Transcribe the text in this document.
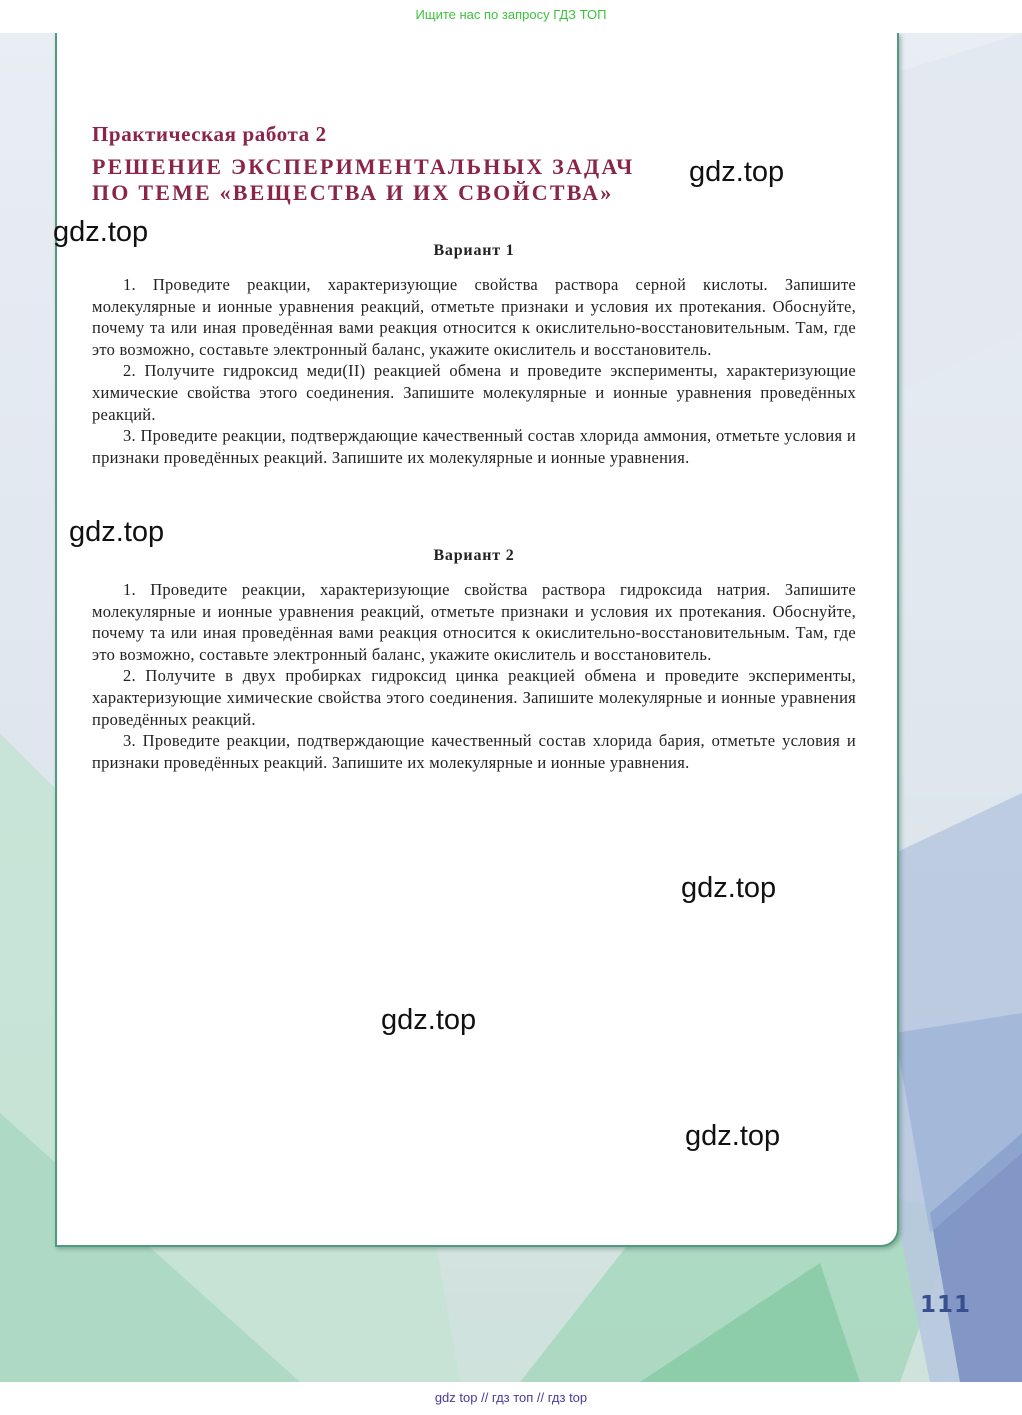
Ищите нас по запросу ГДЗ ТОП
111

Практическая работа 2

РЕШЕНИЕ ЭКСПЕРИМЕНТАЛЬНЫХ ЗАДАЧ
ПО ТЕМЕ «ВЕЩЕСТВА И ИХ СВОЙСТВА»

Вариант 1

1. Проведите реакции, характеризующие свойства раствора серной кислоты. Запишите молекулярные и ионные уравнения реакций, отметьте признаки и условия их протекания. Обоснуйте, почему та или иная проведённая вами реакция относится к окислительно-восстановительным. Там, где это возможно, составьте электронный баланс, укажите окислитель и восстановитель.

2. Получите гидроксид меди(II) реакцией обмена и проведите эксперименты, характеризующие химические свойства этого соединения. Запишите молекулярные и ионные уравнения проведённых реакций.

3. Проведите реакции, подтверждающие качественный состав хлорида аммония, отметьте условия и признаки проведённых реакций. Запишите их молекулярные и ионные уравнения.

Вариант 2

1. Проведите реакции, характеризующие свойства раствора гидроксида натрия. Запишите молекулярные и ионные уравнения реакций, отметьте признаки и условия их протекания. Обоснуйте, почему та или иная проведённая вами реакция относится к окислительно-восстановительным. Там, где это возможно, составьте электронный баланс, укажите окислитель и восстановитель.

2. Получите в двух пробирках гидроксид цинка реакцией обмена и проведите эксперименты, характеризующие химические свойства этого соединения. Запишите молекулярные и ионные уравнения проведённых реакций.

3. Проведите реакции, подтверждающие качественный состав хлорида бария, отметьте условия и признаки проведённых реакций. Запишите их молекулярные и ионные уравнения.

gdz.top
gdz.top
gdz.top
gdz.top
gdz.top
gdz.top
gdz top // гдз топ // гдз top
